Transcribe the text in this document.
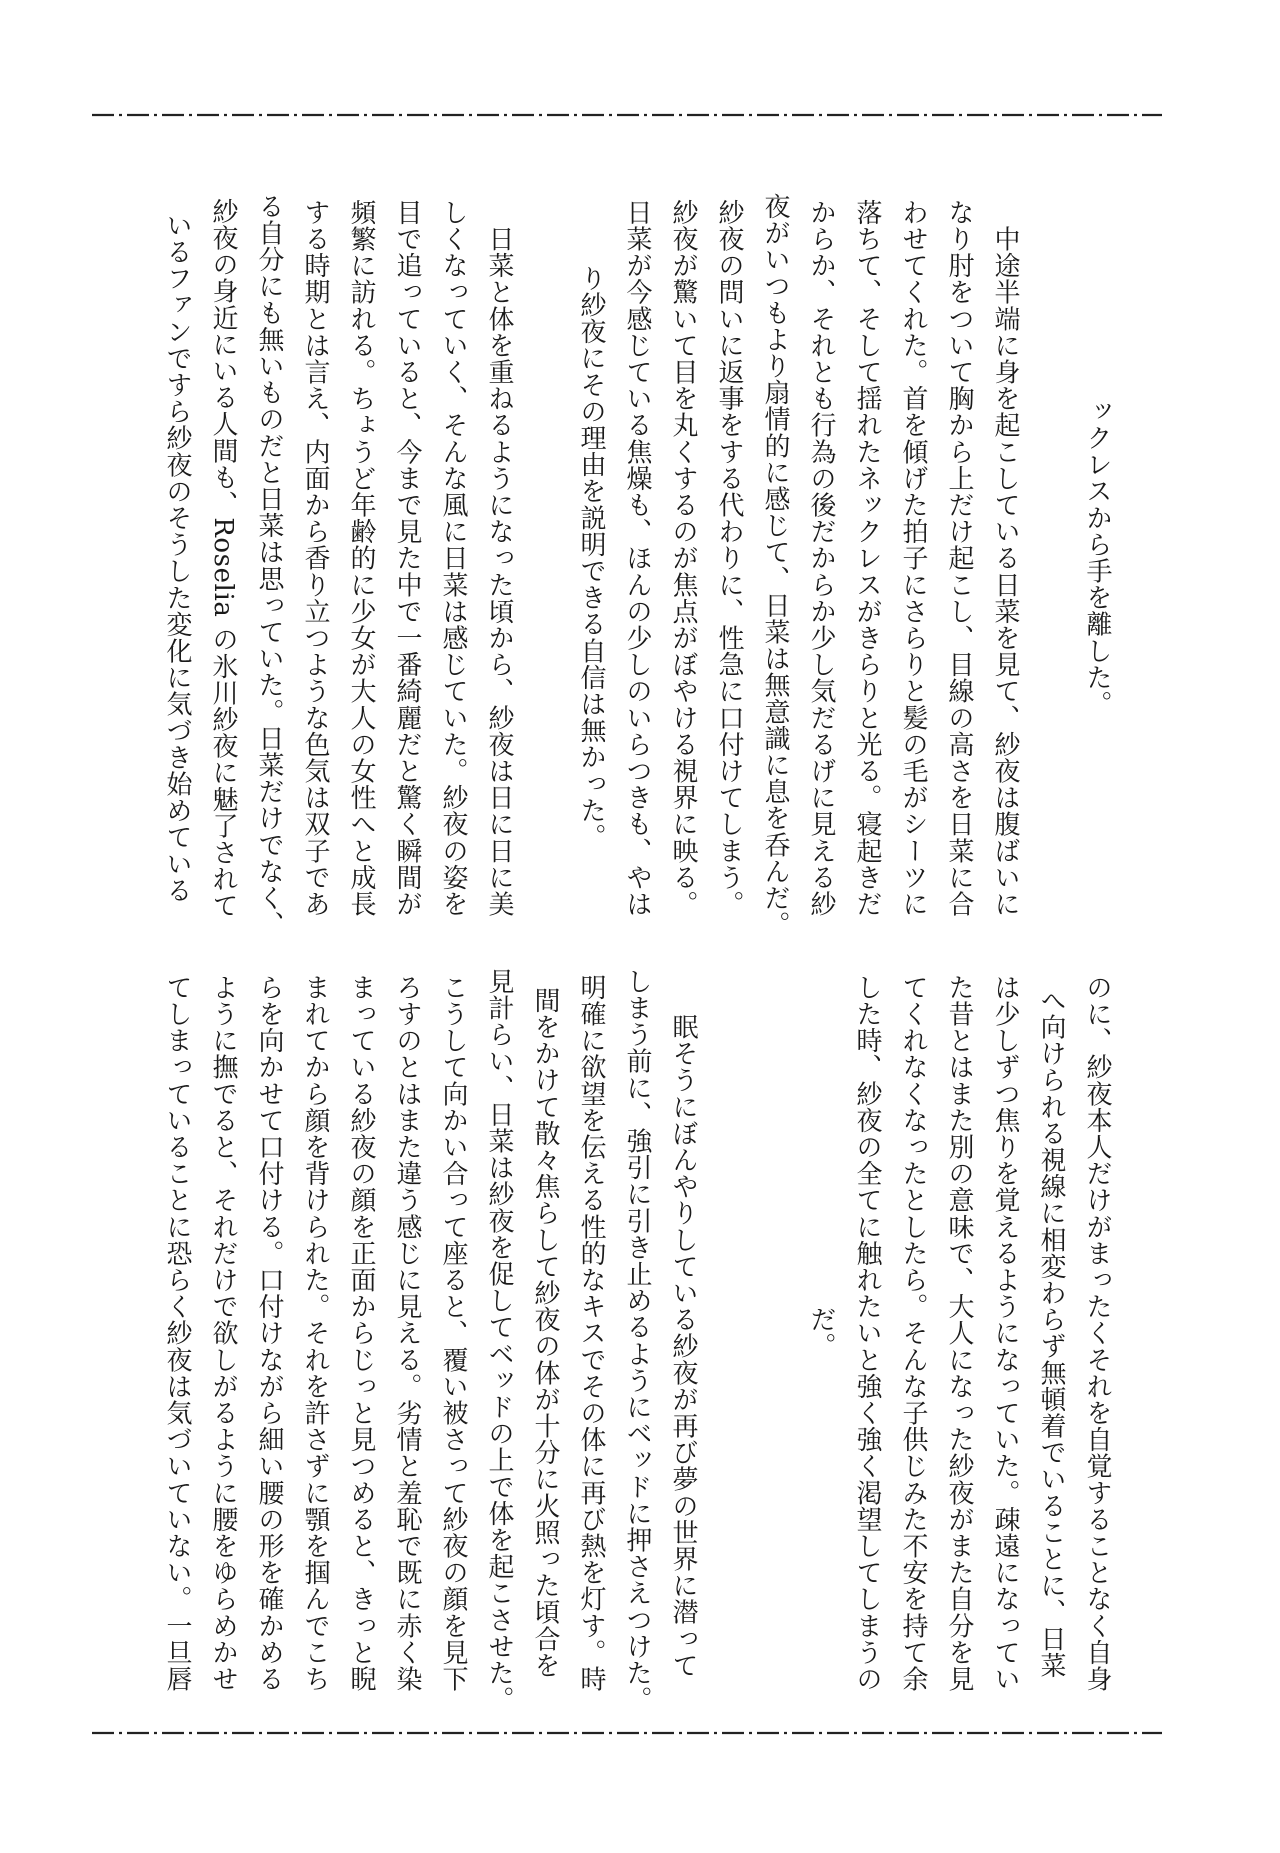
ックレスから手を離した。
　中途半端に身を起こしている日菜を見て、紗夜は腹ばいに
なり肘をついて胸から上だけ起こし、目線の高さを日菜に合
わせてくれた。首を傾げた拍子にさらりと髪の毛がシーツに
落ちて、そして揺れたネックレスがきらりと光る。寝起きだ
からか、それとも行為の後だからか少し気だるげに見える紗
夜がいつもより扇情的に感じて、日菜は無意識に息を呑んだ。
紗夜の問いに返事をする代わりに、性急に口付けてしまう。
紗夜が驚いて目を丸くするのが焦点がぼやける視界に映る。
日菜が今感じている焦燥も、ほんの少しのいらつきも、やは
り紗夜にその理由を説明できる自信は無かった。
　日菜と体を重ねるようになった頃から、紗夜は日に日に美
しくなっていく、そんな風に日菜は感じていた。紗夜の姿を
目で追っていると、今まで見た中で一番綺麗だと驚く瞬間が
頻繁に訪れる。ちょうど年齢的に少女が大人の女性へと成長
する時期とは言え、内面から香り立つような色気は双子であ
る自分にも無いものだと日菜は思っていた。日菜だけでなく、
紗夜の身近にいる人間も、Roselia の氷川紗夜に魅了されて
いるファンですら紗夜のそうした変化に気づき始めている
のに、紗夜本人だけがまったくそれを自覚することなく自身
へ向けられる視線に相変わらず無頓着でいることに、日菜
は少しずつ焦りを覚えるようになっていた。疎遠になってい
た昔とはまた別の意味で、大人になった紗夜がまた自分を見
てくれなくなったとしたら。そんな子供じみた不安を持て余
した時、紗夜の全てに触れたいと強く強く渇望してしまうの
だ。
　眠そうにぼんやりしている紗夜が再び夢の世界に潜って
しまう前に、強引に引き止めるようにベッドに押さえつけた。
明確に欲望を伝える性的なキスでその体に再び熱を灯す。時
間をかけて散々焦らして紗夜の体が十分に火照った頃合を
見計らい、日菜は紗夜を促してベッドの上で体を起こさせた。
こうして向かい合って座ると、覆い被さって紗夜の顔を見下
ろすのとはまた違う感じに見える。劣情と羞恥で既に赤く染
まっている紗夜の顔を正面からじっと見つめると、きっと睨
まれてから顔を背けられた。それを許さずに顎を掴んでこち
らを向かせて口付ける。口付けながら細い腰の形を確かめる
ように撫でると、それだけで欲しがるように腰をゆらめかせ
てしまっていることに恐らく紗夜は気づいていない。一旦唇
